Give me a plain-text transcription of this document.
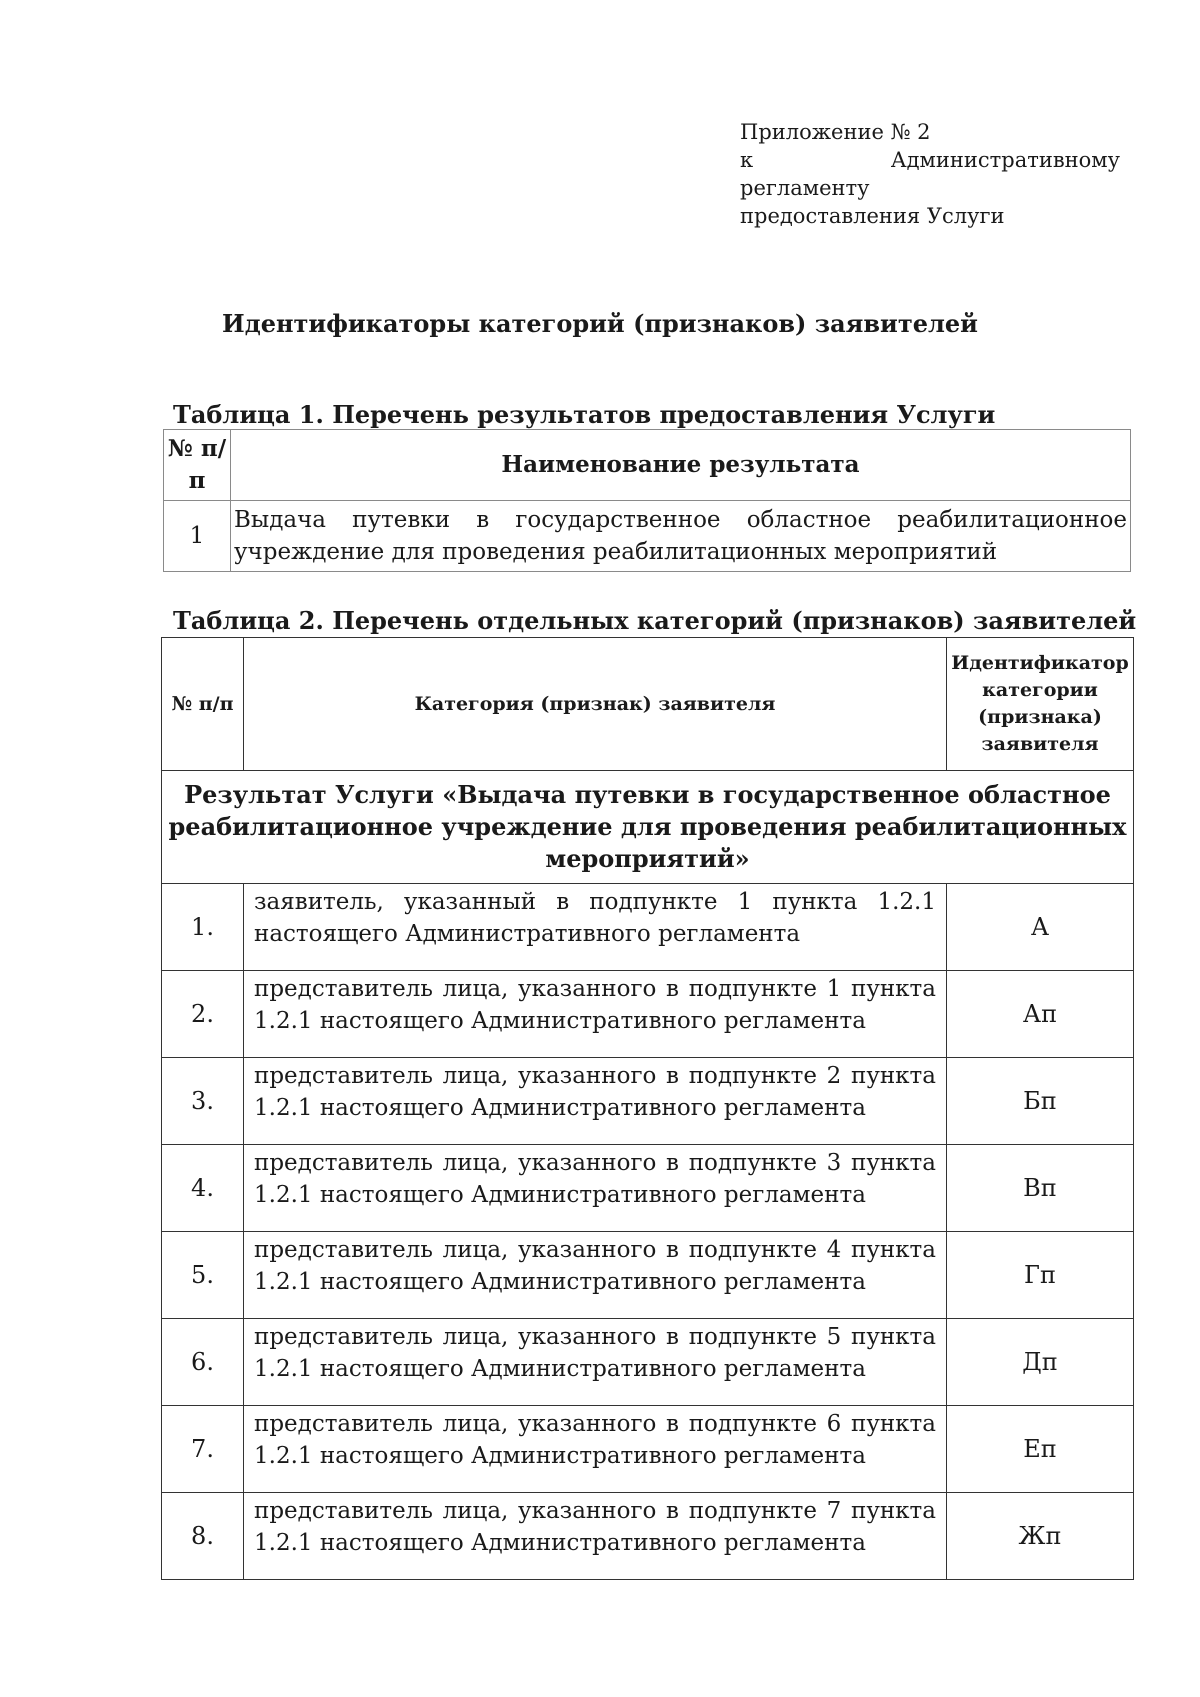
Приложение № 2
к Административному регламенту
предоставления Услуги
Идентификаторы категорий (признаков) заявителей
Таблица 1. Перечень результатов предоставления Услуги
№ п/п	Наименование результата
1	Выдача путевки в государственное областное реабилитационное учреждение для проведения реабилитационных мероприятий
Таблица 2. Перечень отдельных категорий (признаков) заявителей
№ п/п	Категория (признак) заявителя	Идентификатор категории (признака) заявителя
Результат Услуги «Выдача путевки в государственное областное реабилитационное учреждение для проведения реабилитационных мероприятий»		
1.	заявитель, указанный в подпункте 1 пункта 1.2.1 настоящего Административного регламента	А
2.	представитель лица, указанного в подпункте 1 пункта 1.2.1 настоящего Административного регламента	Ап
3.	представитель лица, указанного в подпункте 2 пункта 1.2.1 настоящего Административного регламента	Бп
4.	представитель лица, указанного в подпункте 3 пункта 1.2.1 настоящего Административного регламента	Вп
5.	представитель лица, указанного в подпункте 4 пункта 1.2.1 настоящего Административного регламента	Гп
6.	представитель лица, указанного в подпункте 5 пункта 1.2.1 настоящего Административного регламента	Дп
7.	представитель лица, указанного в подпункте 6 пункта 1.2.1 настоящего Административного регламента	Еп
8.	представитель лица, указанного в подпункте 7 пункта 1.2.1 настоящего Административного регламента	Жп
